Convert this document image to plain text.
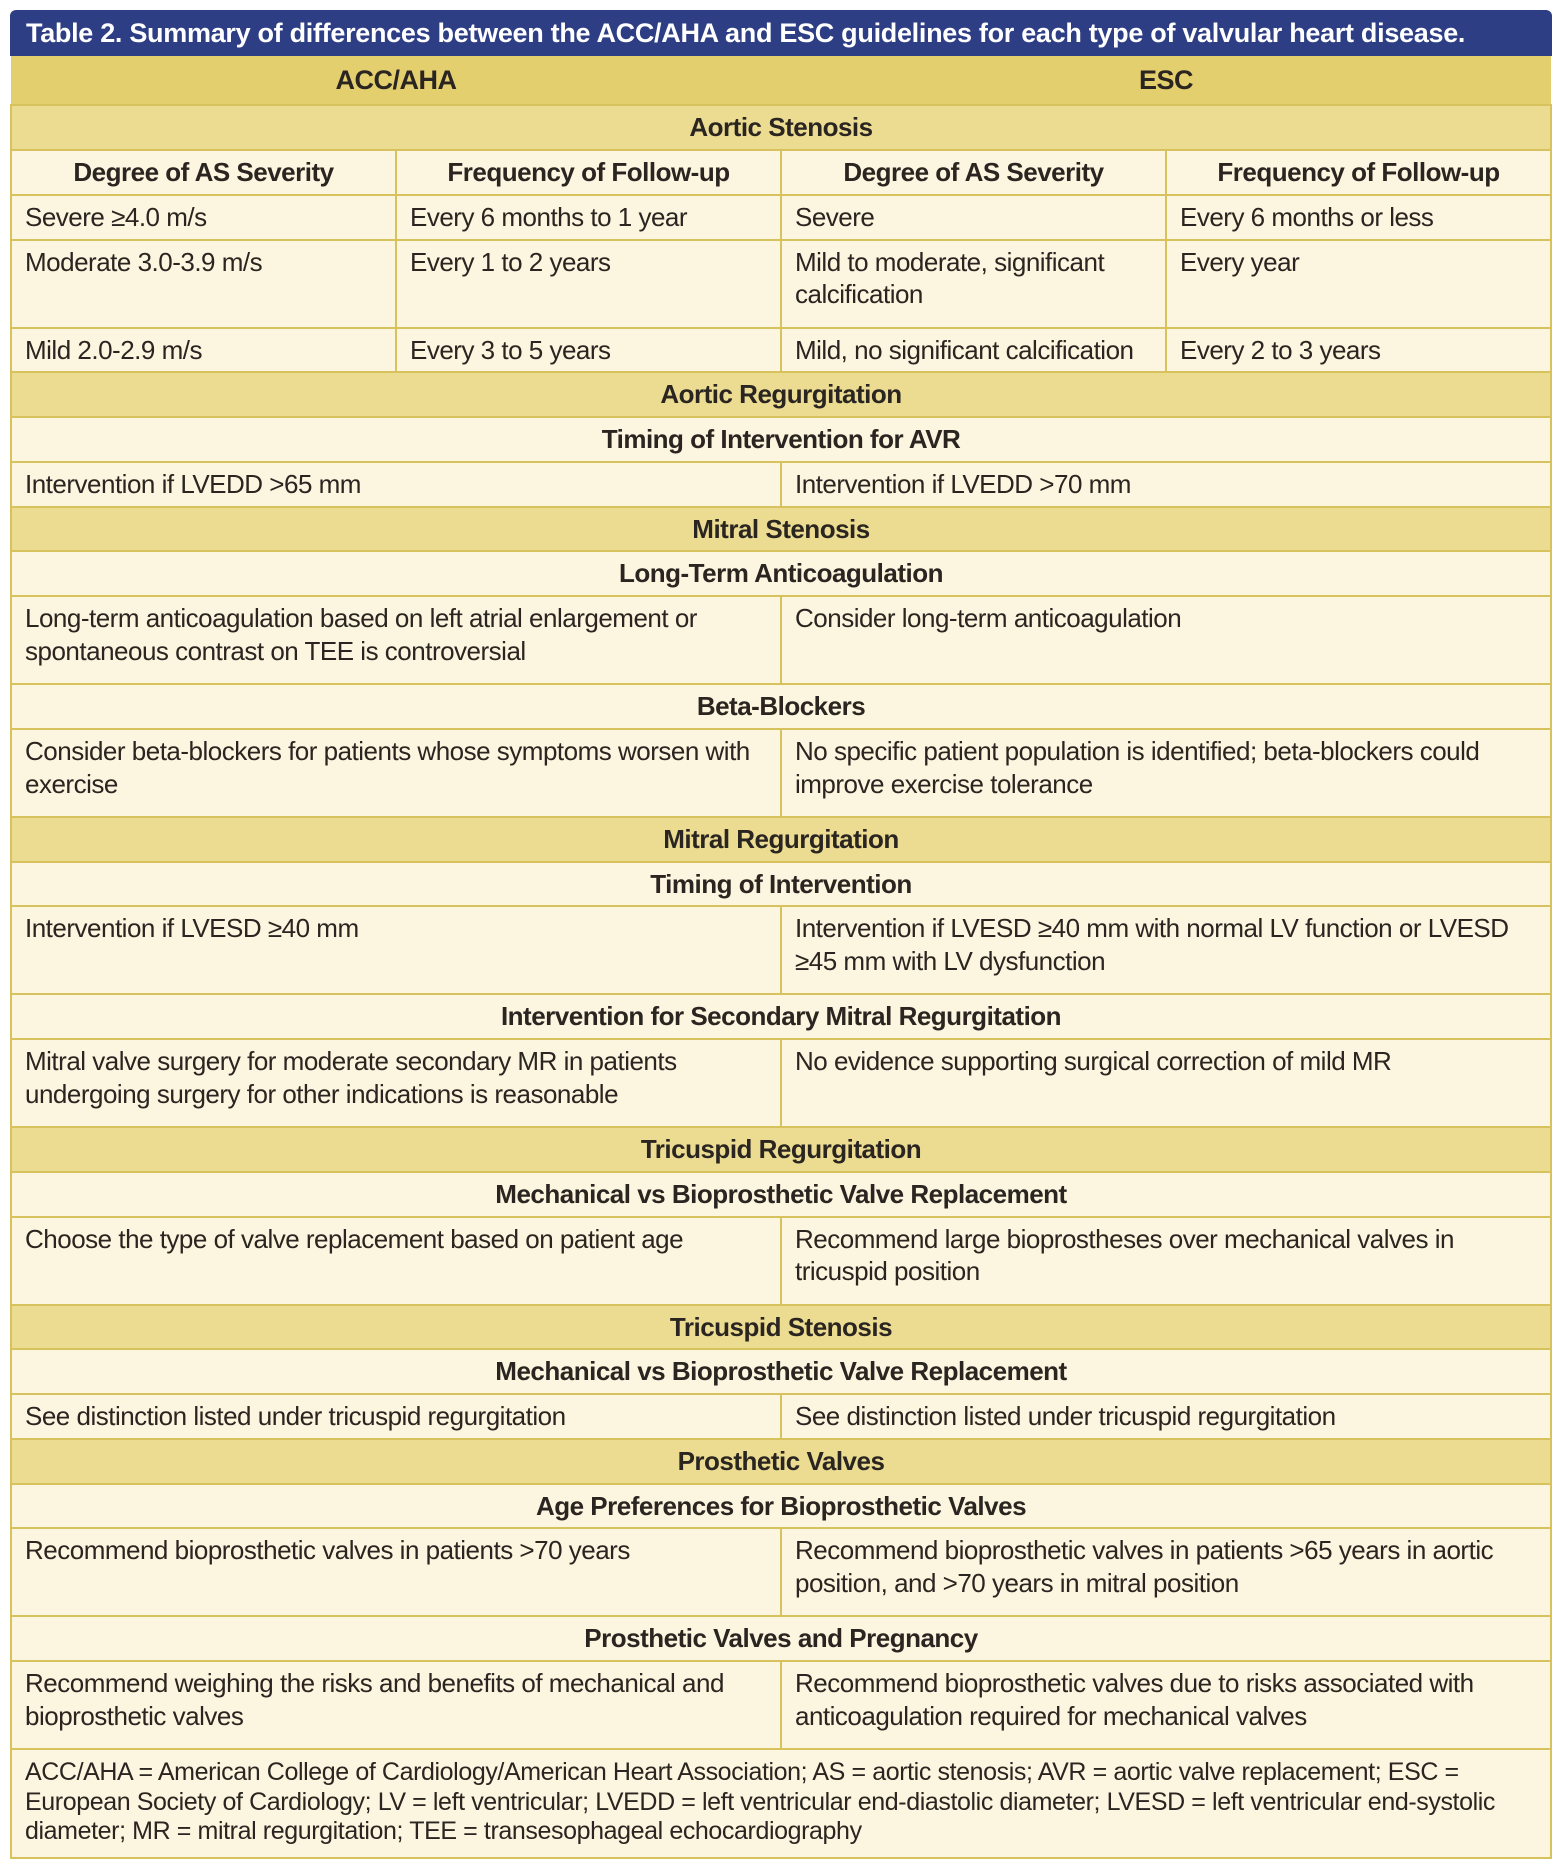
Table 2. Summary of differences between the ACC/AHA and ESC guidelines for each type of valvular heart disease.
ACC/AHA		ESC	
Aortic Stenosis			
Degree of AS Severity	Frequency of Follow-up	Degree of AS Severity	Frequency of Follow-up
Severe ≥4.0 m/s	Every 6 months to 1 year	Severe	Every 6 months or less
Moderate 3.0-3.9 m/s	Every 1 to 2 years	Mild to moderate, significant calcification	Every year
Mild 2.0-2.9 m/s	Every 3 to 5 years	Mild, no significant calcification	Every 2 to 3 years
Aortic Regurgitation			
Timing of Intervention for AVR			
Intervention if LVEDD >65 mm		Intervention if LVEDD >70 mm	
Mitral Stenosis			
Long-Term Anticoagulation			
Long-term anticoagulation based on left atrial enlargement or spontaneous contrast on TEE is controversial		Consider long-term anticoagulation	
Beta-Blockers			
Consider beta-blockers for patients whose symptoms worsen with exercise		No specific patient population is identified; beta-blockers could improve exercise tolerance	
Mitral Regurgitation			
Timing of Intervention			
Intervention if LVESD ≥40 mm		Intervention if LVESD ≥40 mm with normal LV function or LVESD ≥45 mm with LV dysfunction	
Intervention for Secondary Mitral Regurgitation			
Mitral valve surgery for moderate secondary MR in patients undergoing surgery for other indications is reasonable		No evidence supporting surgical correction of mild MR	
Tricuspid Regurgitation			
Mechanical vs Bioprosthetic Valve Replacement			
Choose the type of valve replacement based on patient age		Recommend large bioprostheses over mechanical valves in tricuspid position	
Tricuspid Stenosis			
Mechanical vs Bioprosthetic Valve Replacement			
See distinction listed under tricuspid regurgitation		See distinction listed under tricuspid regurgitation	
Prosthetic Valves			
Age Preferences for Bioprosthetic Valves			
Recommend bioprosthetic valves in patients >70 years		Recommend bioprosthetic valves in patients >65 years in aortic position, and >70 years in mitral position	
Prosthetic Valves and Pregnancy			
Recommend weighing the risks and benefits of mechanical and bioprosthetic valves		Recommend bioprosthetic valves due to risks associated with anticoagulation required for mechanical valves	
ACC/AHA = American College of Cardiology/American Heart Association; AS = aortic stenosis; AVR = aortic valve replacement; ESC = European Society of Cardiology; LV = left ventricular; LVEDD = left ventricular end-diastolic diameter; LVESD = left ventricular end-systolic diameter; MR = mitral regurgitation; TEE = transesophageal echocardiography			
